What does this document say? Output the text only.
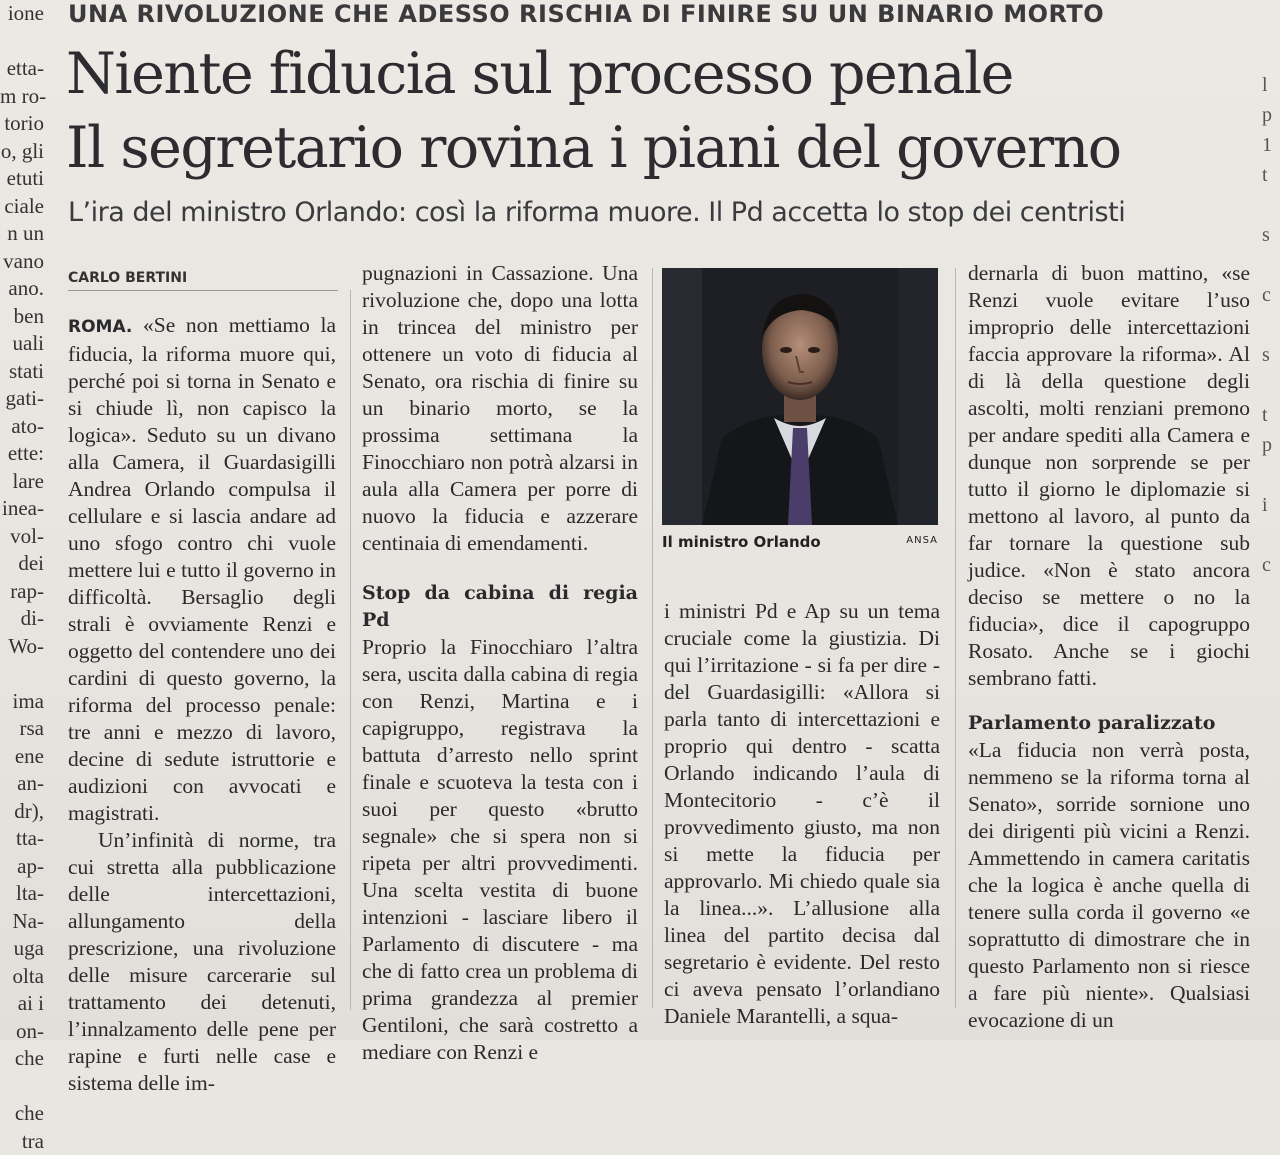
ione

etta-
m ro-
torio
o, gli
etuti
ciale
n un
vano
ano.
ben
uali
stati
gati-
ato-
ette:
lare
inea-
vol-
dei
rap-
di-
Wo-

ima
rsa
ene
an-
dr),
tta-
ap-
lta-
Na-
uga
olta
ai i
on-
che

che
tra

l
p
1
t

s

c

s

t
p

i

c
UNA RIVOLUZIONE CHE ADESSO RISCHIA DI FINIRE SU UN BINARIO MORTO
Niente fiducia sul processo penale
Il segretario rovina i piani del governo
L’ira del ministro Orlando: così la riforma muore. Il Pd accetta lo stop dei centristi
CARLO BERTINI

ROMA. «Se non mettiamo la fiducia, la riforma muore qui, perché poi si torna in Senato e si chiude lì, non capisco la logica». Seduto su un divano alla Camera, il Guardasigilli Andrea Orlando compulsa il cellulare e si lascia andare ad uno sfogo contro chi vuole mettere lui e tutto il governo in difficoltà. Bersaglio degli strali è ovviamente Renzi e oggetto del contendere uno dei cardini di questo governo, la riforma del processo penale: tre anni e mezzo di lavoro, decine di sedute istruttorie e audizioni con avvocati e magistrati.

Un’infinità di norme, tra cui stretta alla pubblicazione delle intercettazioni, allungamento della prescrizione, una rivoluzione delle misure carcerarie sul trattamento dei detenuti, l’innalzamento delle pene per rapine e furti nelle case e sistema delle im-

pugnazioni in Cassazione. Una rivoluzione che, dopo una lotta in trincea del ministro per ottenere un voto di fiducia al Senato, ora rischia di finire su un binario morto, se la prossima settimana la Finocchiaro non potrà alzarsi in aula alla Camera per porre di nuovo la fiducia e azzerare centinaia di emendamenti.

Stop da cabina di regia Pd

Proprio la Finocchiaro l’altra sera, uscita dalla cabina di regia con Renzi, Martina e i capigruppo, registrava la battuta d’arresto nello sprint finale e scuoteva la testa con i suoi per questo «brutto segnale» che si spera non si ripeta per altri provvedimenti. Una scelta vestita di buone intenzioni - lasciare libero il Parlamento di discutere - ma che di fatto crea un problema di prima grandezza al premier Gentiloni, che sarà costretto a mediare con Renzi e

Il ministro Orlando	ANSA

i ministri Pd e Ap su un tema cruciale come la giustizia. Di qui l’irritazione - si fa per dire - del Guardasigilli: «Allora si parla tanto di intercettazioni e proprio qui dentro - scatta Orlando indicando l’aula di Montecitorio - c’è il provvedimento giusto, ma non si mette la fiducia per approvarlo. Mi chiedo quale sia la linea...». L’allusione alla linea del partito decisa dal segretario è evidente. Del resto ci aveva pensato l’orlandiano Daniele Marantelli, a squa-

dernarla di buon mattino, «se Renzi vuole evitare l’uso improprio delle intercettazioni faccia approvare la riforma». Al di là della questione degli ascolti, molti renziani premono per andare spediti alla Camera e dunque non sorprende se per tutto il giorno le diplomazie si mettono al lavoro, al punto da far tornare la questione sub judice. «Non è stato ancora deciso se mettere o no la fiducia», dice il capogruppo Rosato. Anche se i giochi sembrano fatti.

Parlamento paralizzato

«La fiducia non verrà posta, nemmeno se la riforma torna al Senato», sorride sornione uno dei dirigenti più vicini a Renzi. Ammettendo in camera caritatis che la logica è anche quella di tenere sulla corda il governo «e soprattutto di dimostrare che in questo Parlamento non si riesce a fare più niente». Qualsiasi evocazione di un
